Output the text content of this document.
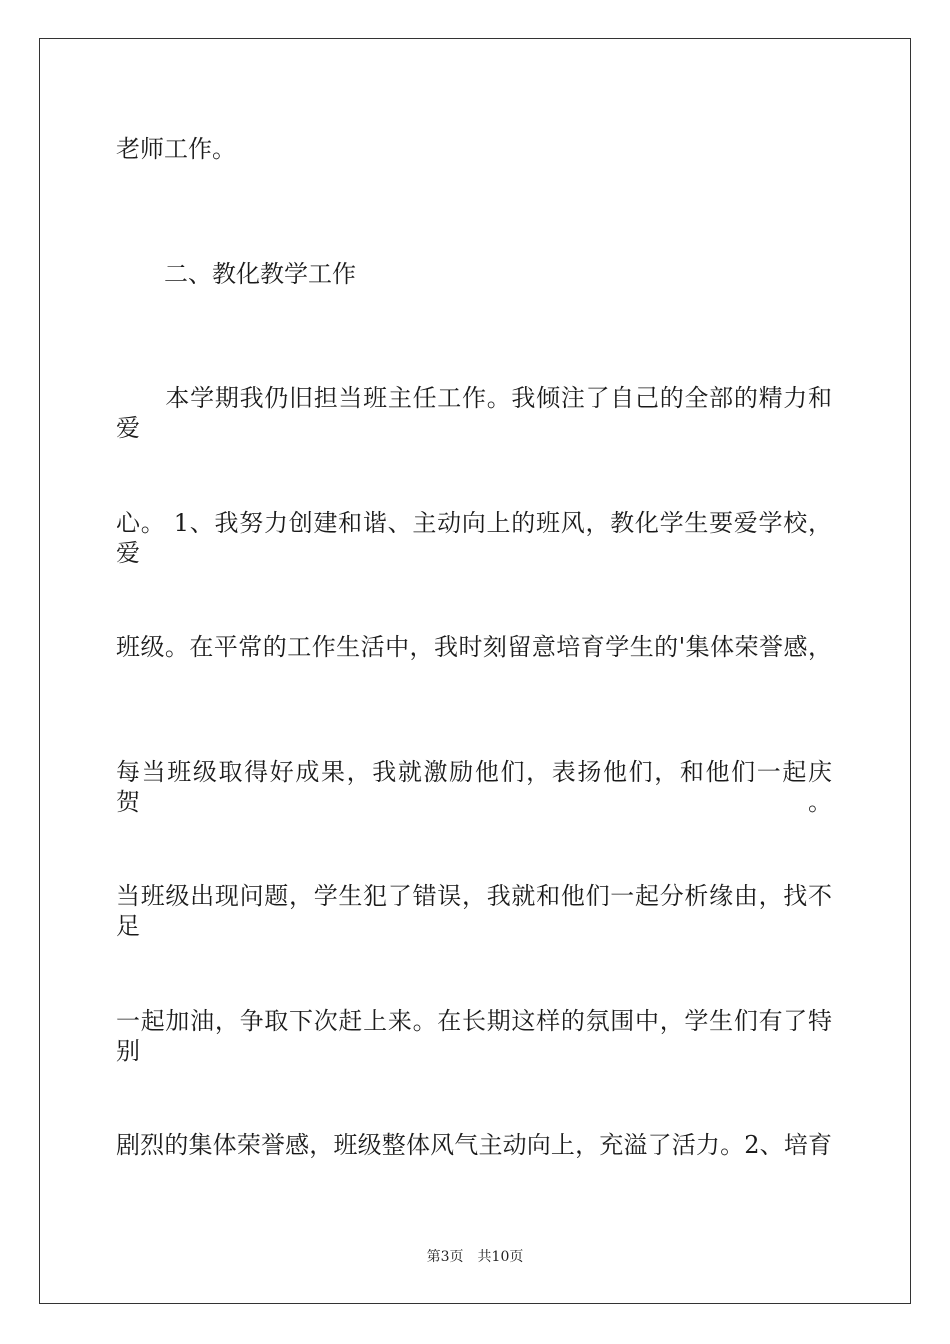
老师工作。
　　二、教化教学工作
　　本学期我仍旧担当班主任工作。我倾注了自己的全部的精力和爱
心。 1、我努力创建和谐、主动向上的班风，教化学生要爱学校，爱
班级。在平常的工作生活中，我时刻留意培育学生的'集体荣誉感，
每当班级取得好成果，我就激励他们，表扬他们，和他们一起庆贺。
当班级出现问题，学生犯了错误，我就和他们一起分析缘由，找不足
一起加油，争取下次赶上来。在长期这样的氛围中，学生们有了特别
剧烈的集体荣誉感，班级整体风气主动向上，充溢了活力。2、培育
第3页 共10页
